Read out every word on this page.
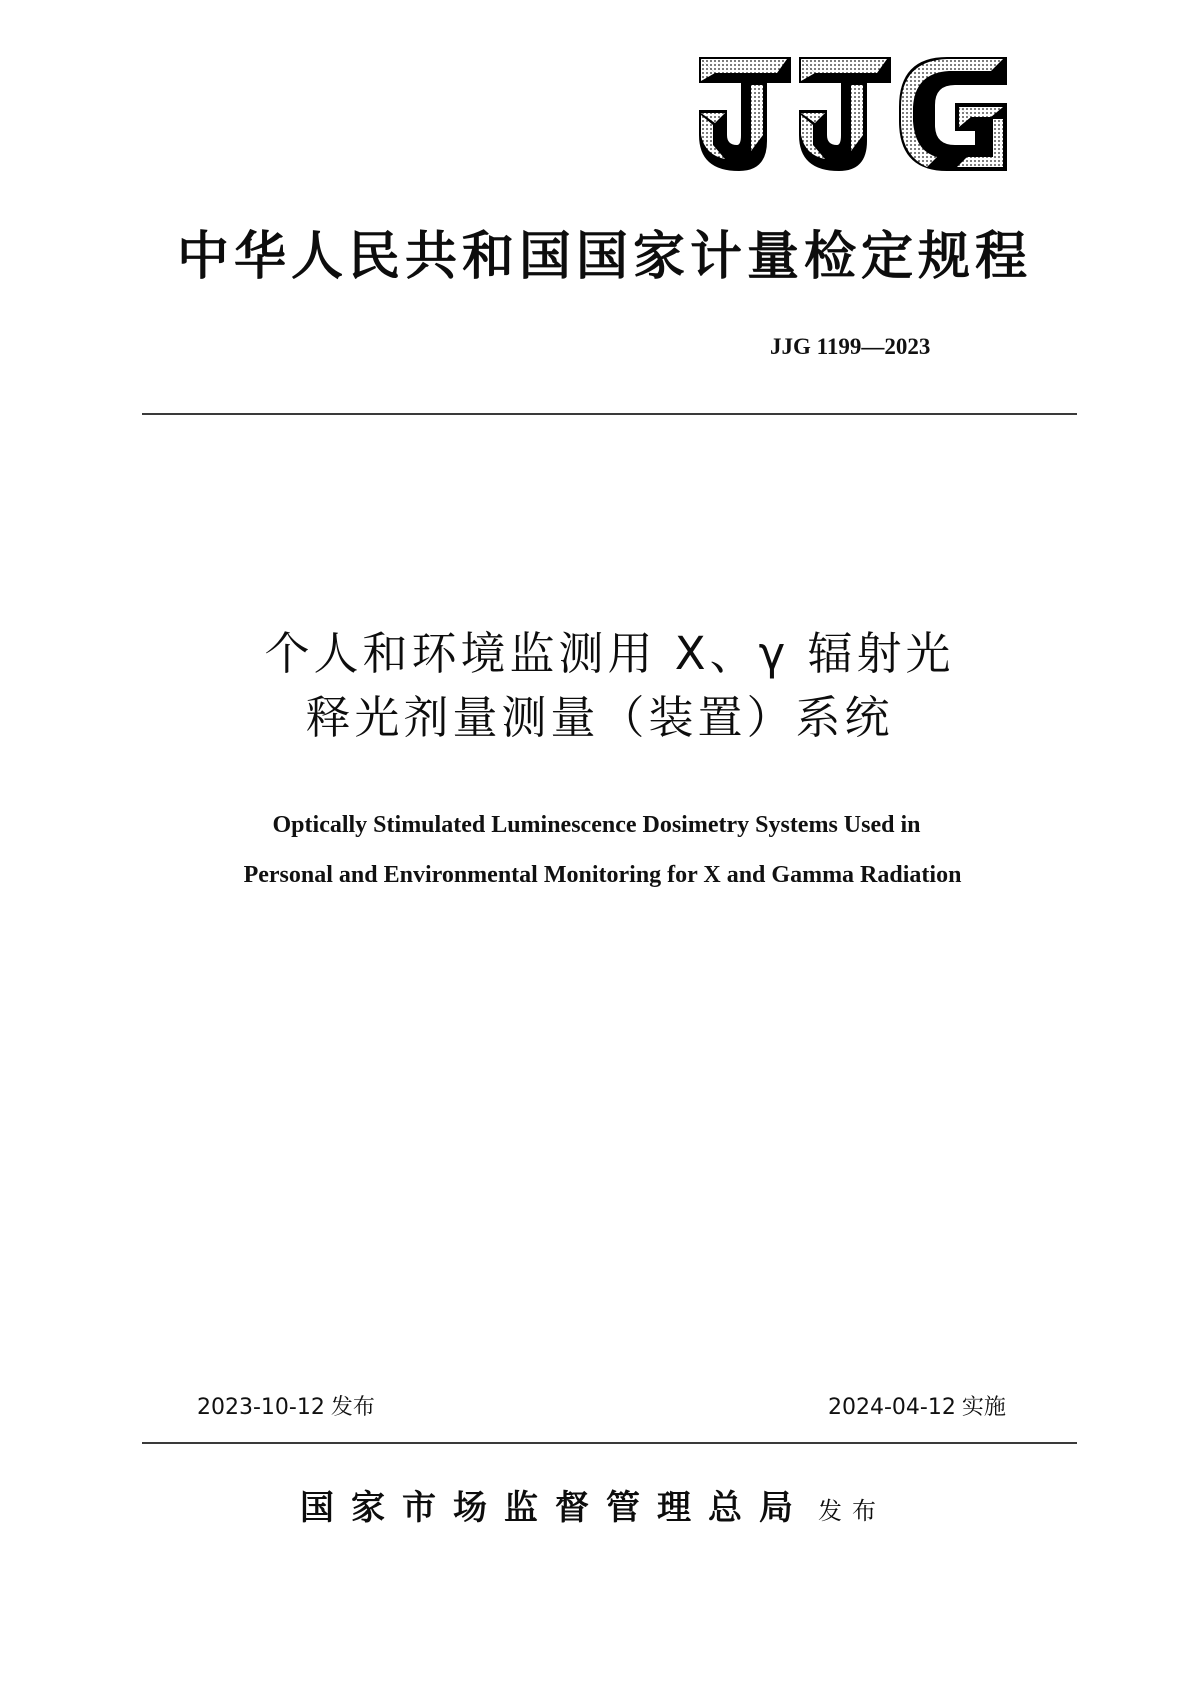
中华人民共和国国家计量检定规程
JJG 1199—2023
个人和环境监测用 X、γ 辐射光
释光剂量测量（装置）系统
Optically Stimulated Luminescence Dosimetry Systems Used in
Personal and Environmental Monitoring for X and Gamma Radiation
2023-10-12 发布	2024-04-12 实施
国家市场监督管理总局 发布
